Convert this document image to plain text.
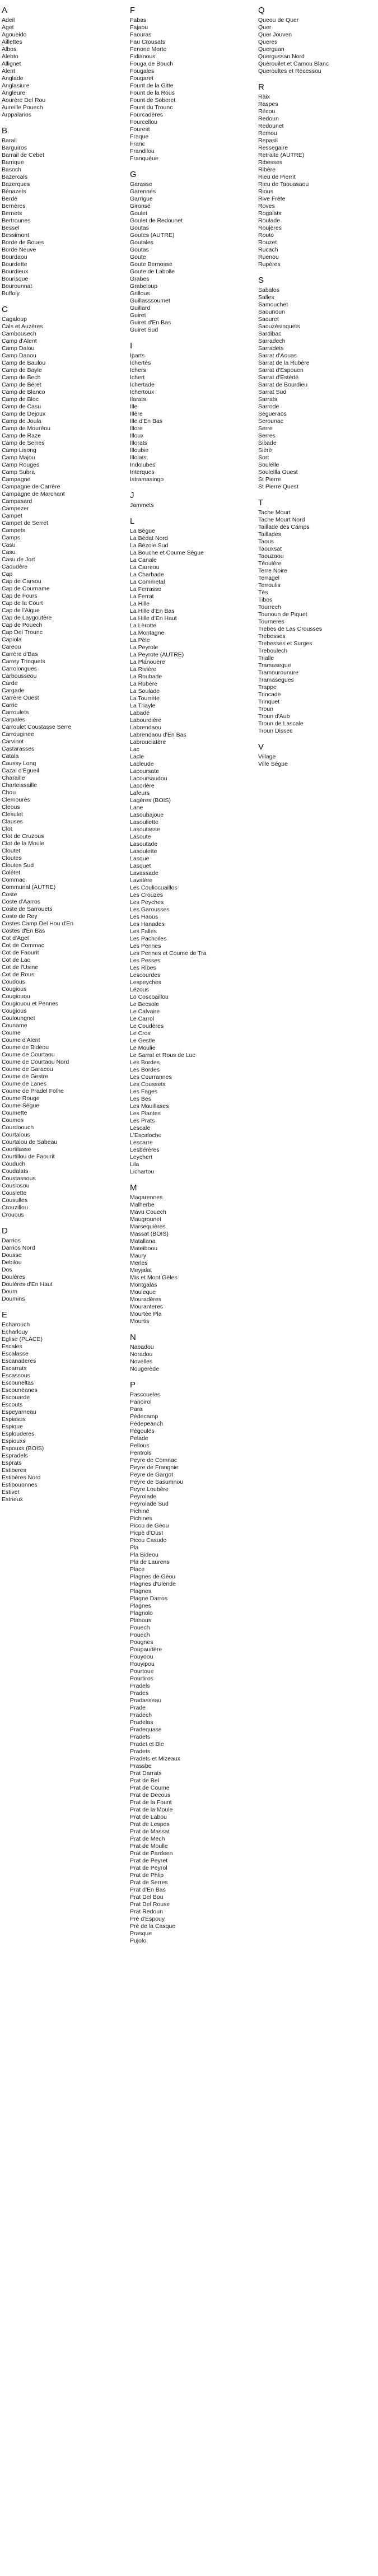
A
Adeil
Aget
Agoueido
Aillettes
Albos
Alebto
Allignet
Alent
Anglade
Anglasiure
Angleure
Aourère Del Rou
Aureille Pouech
Arppalarios
B
Barail
Barguiros
Barrail de Cebet
Barrique
Basoch
Bazercals
Bazerques
Bénazets
Berdé
Bernères
Bernets
Bertrounes
Bessel
Bessimont
Borde de Boues
Borde Neuve
Bourdaou
Bourdette
Bourdieux
Bourisque
Bourounnat
Buffoiy
C
Cagaloup
Cals et Auzères
Cambousech
Camp d'Alent
Camp Dalou
Camp Danou
Camp de Baulou
Camp de Bayle
Camp de Bech
Camp de Béret
Camp de Blanco
Camp de Bloc
Camp de Casu
Camp de Dejoux
Camp de Joula
Camp de Mouréou
Camp de Raze
Camp de Serres
Camp Lisong
Camp Majou
Camp Rouges
Camp Subra
Campagne
Campagne de Carrère
Campagne de Marchant
Campasard
Campezer
Campet
Campet de Serret
Campets
Camps
Casu
Casu
Casu de Jort
Caoudère
Cap
Cap de Carsou
Cap de Courname
Cap de Fours
Cap de la Court
Cap de l'Aigue
Cap de Laygoutère
Cap de Pouech
Cap Del Trounc
Capiola
Careou
Carrère d'Bas
Carrey Trinquets
Carrolongues
Carbousseou
Carde
Cargade
Carrère Ouest
Carrie
Carroulets
Carpales
Carroulet Coustasse Serre
Carrouginee
Carvinot
Castarasses
Catala
Caussy Long
Cazal d'Egueil
Charaille
Charteissaille
Chou
Clemourès
Cleous
Clesulet
Clauses
Clot
Clot de Cruzous
Clot de la Moule
Cloutet
Cloutes
Cloutes Sud
Colétet
Commac
Communal (AUTRE)
Coste
Coste d'Aarros
Coste de Sarrouets
Coste de Rey
Costes Camp Del Hou d'En
Costes d'En Bas
Cot d'Aget
Cot de Commac
Cot de Faourit
Cot de Lac
Cot de l'Usine
Cot de Rous
Coudous
Cougious
Cougiouou
Cougiouou et Pennes
Cougious
Couloungnet
Couname
Coume
Coume d'Alent
Coume de Bideou
Coume de Courtaou
Coume de Courtaou Nord
Coume de Garacou
Coume de Gestre
Coume de Lanes
Coume de Pradel Folhe
Coume Rouge
Coume Sègue
Coumette
Coumos
Courdoouch
Courtalous
Courtalou de Sabeau
Courtilasse
Courtillou de Faourit
Couduch
Coudalats
Coustassous
Couslosou
Couslette
Cousulles
Crouzillou
Crouous
D
Darrios
Darrios Nord
Dousse
Debilou
Dos
Doulères
Doulères d'En Haut
Doum
Doumins
E
Echarouch
Echarlouy
Eglise (PLACE)
Escales
Escalasse
Escanaderes
Escarrats
Escassous
Escouneltas
Escounéanes
Escouarde
Escouts
Espeyarneau
Espiasus
Espique
Esplouderes
Espiouxs
Espouxs (BOIS)
Espradels
Esprats
Estiberes
Estibères Nord
Estibouonnes
Estivet
Estrieux
F
Fabas
Fajaou
Faouras
Fau Crousats
Fenone Morte
Fidianous
Fouga de Bouch
Fougales
Fougaret
Fount de la Gitte
Fount de la Rous
Fount de Soberet
Fount du Trounc
Fourcadères
Fourcellou
Fourest
Fraque
Franc
Frandilou
Franquèue
G
Garasse
Garennes
Garrigue
Gironsé
Goulet
Goulet de Redounet
Goutas
Goutes (AUTRE)
Goutales
Goutas
Goute
Goute Bernosse
Goute de Labolle
Grabes
Grabeloup
Grillous
Guillasssoumet
Guillard
Guiret
Guiret d'En Bas
Guiret Sud
I
Iparts
Ichertès
Ichers
Ichert
Ichertade
Ichertoux
Ilarats
Ille
Illère
Ille d'En Bas
Illore
Illoux
Illorats
Illoubie
Illolats
Indolubes
Interques
Istramasingo
J
Jammets
L
La Bègue
La Bédat Nord
La Bézole Sud
La Bouche et Coume Sègue
La Canale
La Carreou
La Charbade
La Commetal
La Ferrasse
La Ferrat
La Hille
La Hille d'En Bas
La Hille d'En Haut
La Lèrotte
La Montagne
La Pèle
La Peyrole
La Peyrote (AUTRE)
La Planouère
La Rivière
La Roubade
La Rubère
La Soulade
La Tourrète
La Triayle
Labadé
Labourdière
Labrendaou
Labrendaou d'En Bas
Labrouciatère
Lac
Lacle
Lacleude
Lacoursate
Lacoursaudou
Lacorlère
Lafeurs
Lagères (BOIS)
Lane
Lasoubajoue
Lasouliette
Lasoutasse
Lasoute
Lasoutade
Lasoulette
Lasque
Lasquet
Lavassade
Lavalère
Les Couliocuaillos
Les Crouzes
Les Peyches
Les Garousses
Les Haous
Les Hanades
Les Falles
Les Pachoiles
Les Pennes
Les Pennes et Coume de Tra
Les Pesses
Les Ribes
Lescourdes
Lespeyches
Lézous
Lo Coscoaillou
Le Becsole
Le Calvaire
Le Carrol
Le Coudères
Le Cros
Le Gestle
Le Moulie
Le Sarrat et Rous de Luc
Les Bordes
Les Bordes
Les Courrannes
Les Coussets
Les Fages
Les Bes
Les Mouillases
Les Plantes
Les Prats
Lescale
L'Escaloche
Lescarre
Lesbérères
Leychert
Lila
Lichartou
M
Magarennes
Malherbe
Mavu Couech
Maugrounet
Marsequières
Massat (BOIS)
Matallana
Mateiboou
Maury
Merles
Meyjalat
Mis et Mont Gèles
Montgalas
Mouleque
Mouradères
Mouranteres
Mourtèe Pla
Mourtis
N
Nabadou
Noradou
Novelles
Nougerède
P
Pascoueles
Panoirol
Para
Pédecamp
Pédepeanch
Pégoulès
Pelade
Pellous
Pentrols
Peyre de Comnac
Peyre de Frangnie
Peyre de Gargot
Peyre de Sasumnou
Peyre Loubère
Peyrolade
Peyrolade Sud
Pichiné
Pichines
Picou de Gèou
Picpè d'Oust
Picou Casudo
Pla
Pla Bideou
Pla de Laurens
Place
Plagnes de Gèou
Plagnes d'Ulende
Plagnes
Plagne Darros
Plagnes
Plagnolo
Planous
Pouech
Pouech
Pougnes
Poupaudère
Pouyoou
Pouyipou
Pourtoue
Pourtiros
Pradels
Prades
Pradasseau
Prade
Pradech
Pradelas
Pradequase
Pradets
Pradet et Ble
Pradets
Pradets et Mizeaux
Prassbe
Prat Darrats
Prat de Bel
Prat de Coume
Prat de Decous
Prat de la Fount
Prat de la Moule
Prat de Labou
Prat de Lespes
Prat de Massat
Prat de Mech
Prat de Moulle
Prat de Pardeen
Prat de Peyret
Prat de Peyrol
Prat de Phlip
Prat de Serres
Prat d'En Bas
Prat Del Bou
Prat Del Rouse
Prat Redoun
Prè d'Espouy
Prè de la Casque
Prasque
Pujolo
Q
Queou de Quer
Quer
Quer Jouven
Queres
Querguan
Quergussan Nord
Quèrouilet et Camou Blanc
Queroultes et Rècessou
R
Raix
Raspes
Récou
Redoun
Redounet
Remou
Repasil
Ressegaire
Retraite (AUTRE)
Ribesses
Ribère
Rieu de Pierrit
Rieu de Taouasaou
Rious
Rive Frète
Roves
Rogalats
Roulade
Roujères
Routo
Rouzet
Rucach
Ruenou
Rupères
S
Sabalos
Salles
Samouchet
Saounoun
Saouret
Saouzèsinquets
Sardibac
Sarradech
Sarradets
Sarrat d'Aouas
Sarrat de la Rubère
Sarrat d'Espouen
Sarrat d'Estèdé
Sarrat de Bourdieu
Sarrat Sud
Sarrats
Sarrode
Ségueraos
Serounac
Serre
Serres
Sibade
Sièrè
Sort
Soulelle
Soulellla Ouest
St Pierre
St Pierre Quest
T
Tache Mourt
Tache Mourt Nord
Taillade des Camps
Taillades
Taous
Taouxsat
Taouzaou
Téoulère
Terre Noire
Terragel
Terroulis
Tès
Tibos
Tourrech
Tounoun de Piquet
Tourneres
Trebes de Las Crousses
Trebesses
Trebesses et Surges
Treboulech
Trialle
Tramasegue
Tramourounure
Tramasegues
Trappe
Trincade
Trinquet
Troun
Troun d'Aub
Troun de Lascale
Troun Dissec
V
Village
Ville Ségue
